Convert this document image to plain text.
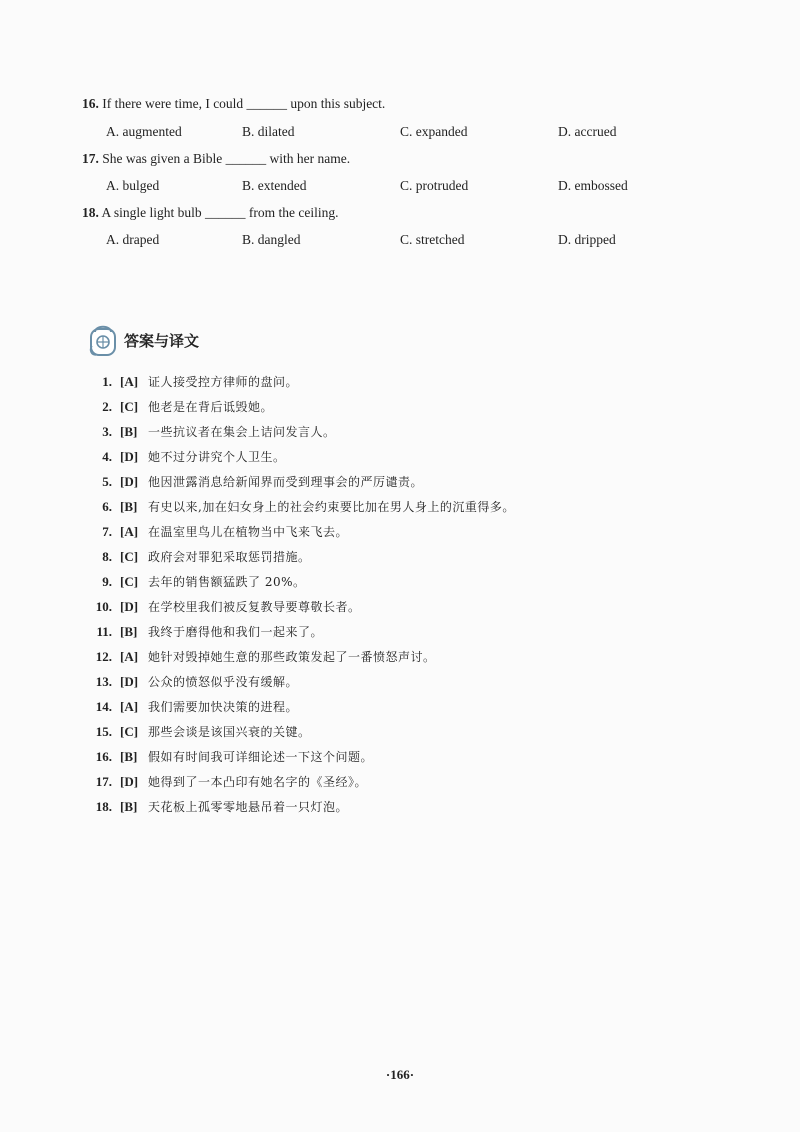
16. If there were time, I could ______ upon this subject.
A. augmented	B. dilated	C. expanded	D. accrued
17. She was given a Bible ______ with her name.
A. bulged	B. extended	C. protruded	D. embossed
18. A single light bulb ______ from the ceiling.
A. draped	B. dangled	C. stretched	D. dripped
答案与译文
1. [A] 证人接受控方律师的盘问。
2. [C] 他老是在背后诋毁她。
3. [B] 一些抗议者在集会上诘问发言人。
4. [D] 她不过分讲究个人卫生。
5. [D] 他因泄露消息给新闻界而受到理事会的严厉谴责。
6. [B] 有史以来,加在妇女身上的社会约束要比加在男人身上的沉重得多。
7. [A] 在温室里鸟儿在植物当中飞来飞去。
8. [C] 政府会对罪犯采取惩罚措施。
9. [C] 去年的销售额猛跌了 20%。
10. [D] 在学校里我们被反复教导要尊敬长者。
11. [B] 我终于磨得他和我们一起来了。
12. [A] 她针对毁掉她生意的那些政策发起了一番愤怒声讨。
13. [D] 公众的愤怒似乎没有缓解。
14. [A] 我们需要加快决策的进程。
15. [C] 那些会谈是该国兴衰的关键。
16. [B] 假如有时间我可详细论述一下这个问题。
17. [D] 她得到了一本凸印有她名字的《圣经》。
18. [B] 天花板上孤零零地悬吊着一只灯泡。
·166·
